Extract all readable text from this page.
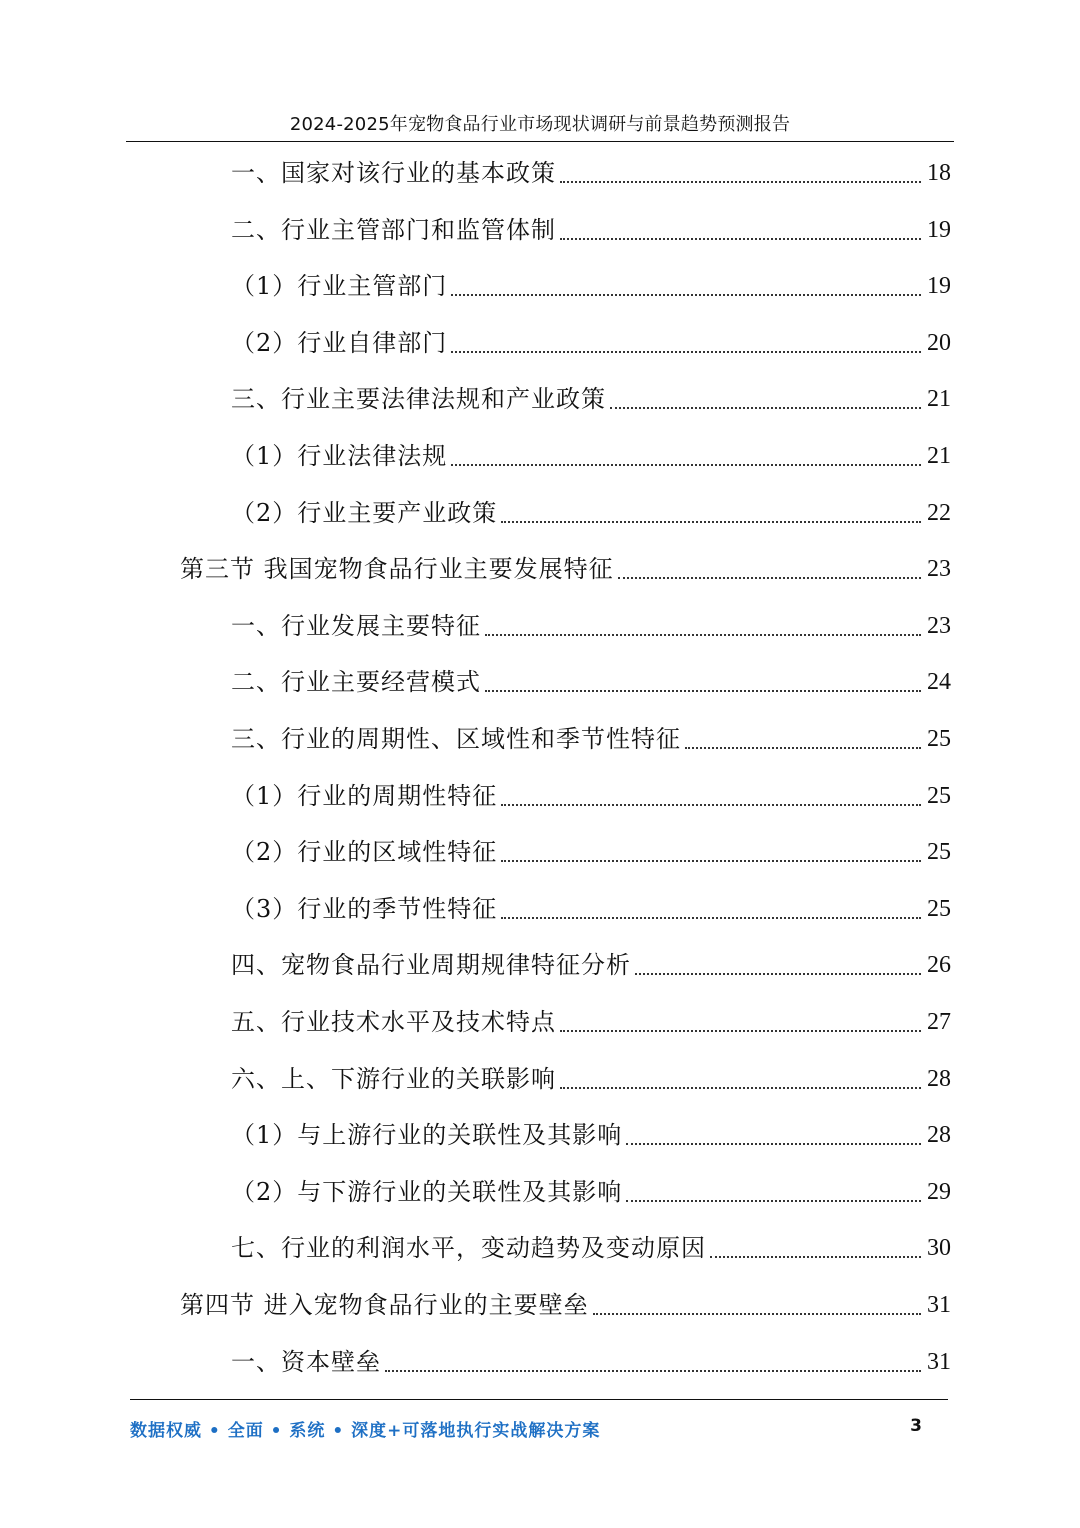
2024-2025年宠物食品行业市场现状调研与前景趋势预测报告
一、国家对该行业的基本政策	18
二、行业主管部门和监管体制	19
（1）行业主管部门	19
（2）行业自律部门	20
三、行业主要法律法规和产业政策	21
（1）行业法律法规	21
（2）行业主要产业政策	22
第三节 我国宠物食品行业主要发展特征	23
一、行业发展主要特征	23
二、行业主要经营模式	24
三、行业的周期性、区域性和季节性特征	25
（1）行业的周期性特征	25
（2）行业的区域性特征	25
（3）行业的季节性特征	25
四、宠物食品行业周期规律特征分析	26
五、行业技术水平及技术特点	27
六、上、下游行业的关联影响	28
（1）与上游行业的关联性及其影响	28
（2）与下游行业的关联性及其影响	29
七、行业的利润水平，变动趋势及变动原因	30
第四节 进入宠物食品行业的主要壁垒	31
一、资本壁垒	31
数据权威 • 全面 • 系统 • 深度+可落地执行实战解决方案	3
